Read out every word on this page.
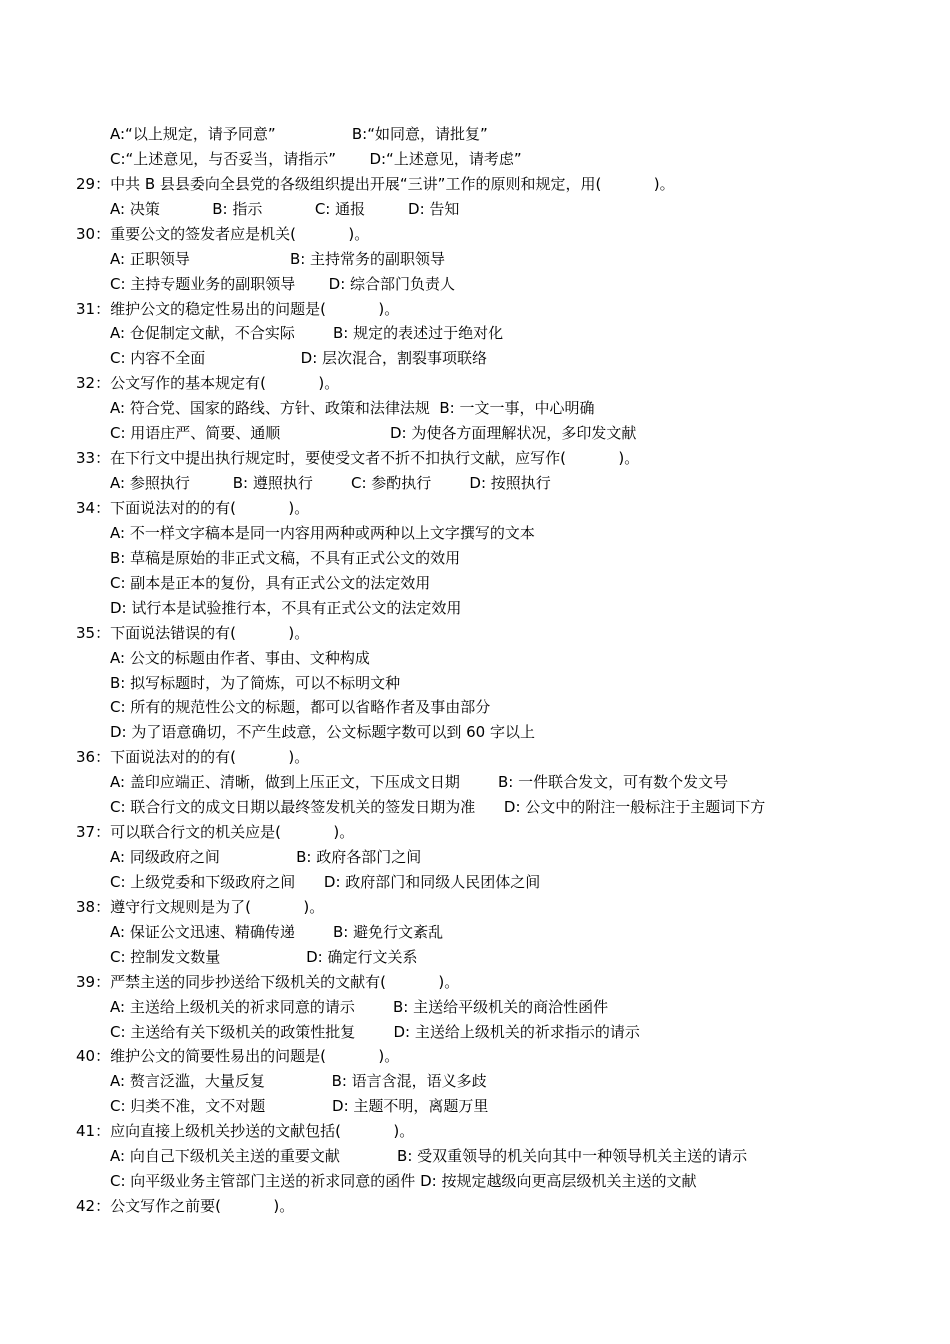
A:“以上规定，请予同意”                B:“如同意，请批复”
C:“上述意见，与否妥当，请指示”       D:“上述意见，请考虑”
29：中共 B 县县委向全县党的各级组织提出开展“三讲”工作的原则和规定，用(           )。
A: 决策           B: 指示           C: 通报         D: 告知
30：重要公文的签发者应是机关(           )。
A: 正职领导                     B: 主持常务的副职领导
C: 主持专题业务的副职领导       D: 综合部门负责人
31：维护公文的稳定性易出的问题是(           )。
A: 仓促制定文献，不合实际        B: 规定的表述过于绝对化
C: 内容不全面                    D: 层次混合，割裂事项联络
32：公文写作的基本规定有(           )。
A: 符合党、国家的路线、方针、政策和法律法规  B: 一文一事，中心明确
C: 用语庄严、简要、通顺                       D: 为使各方面理解状况，多印发文献
33：在下行文中提出执行规定时，要使受文者不折不扣执行文献，应写作(           )。
A: 参照执行         B: 遵照执行        C: 参酌执行        D: 按照执行
34：下面说法对的的有(           )。
A: 不一样文字稿本是同一内容用两种或两种以上文字撰写的文本
B: 草稿是原始的非正式文稿，不具有正式公文的效用
C: 副本是正本的复份，具有正式公文的法定效用
D: 试行本是试验推行本，不具有正式公文的法定效用
35：下面说法错误的有(           )。
A: 公文的标题由作者、事由、文种构成
B: 拟写标题时，为了简炼，可以不标明文种
C: 所有的规范性公文的标题，都可以省略作者及事由部分
D: 为了语意确切，不产生歧意，公文标题字数可以到 60 字以上
36：下面说法对的的有(           )。
A: 盖印应端正、清晰，做到上压正文，下压成文日期        B: 一件联合发文，可有数个发文号
C: 联合行文的成文日期以最终签发机关的签发日期为准      D: 公文中的附注一般标注于主题词下方
37：可以联合行文的机关应是(           )。
A: 同级政府之间                B: 政府各部门之间
C: 上级党委和下级政府之间      D: 政府部门和同级人民团体之间
38：遵守行文规则是为了(           )。
A: 保证公文迅速、精确传递        B: 避免行文紊乱
C: 控制发文数量                  D: 确定行文关系
39：严禁主送的同步抄送给下级机关的文献有(           )。
A: 主送给上级机关的祈求同意的请示        B: 主送给平级机关的商洽性函件
C: 主送给有关下级机关的政策性批复        D: 主送给上级机关的祈求指示的请示
40：维护公文的简要性易出的问题是(           )。
A: 赘言泛滥，大量反复              B: 语言含混，语义多歧
C: 归类不准，文不对题              D: 主题不明，离题万里
41：应向直接上级机关抄送的文献包括(           )。
A: 向自己下级机关主送的重要文献            B: 受双重领导的机关向其中一种领导机关主送的请示
C: 向平级业务主管部门主送的祈求同意的函件 D: 按规定越级向更高层级机关主送的文献
42：公文写作之前要(           )。
